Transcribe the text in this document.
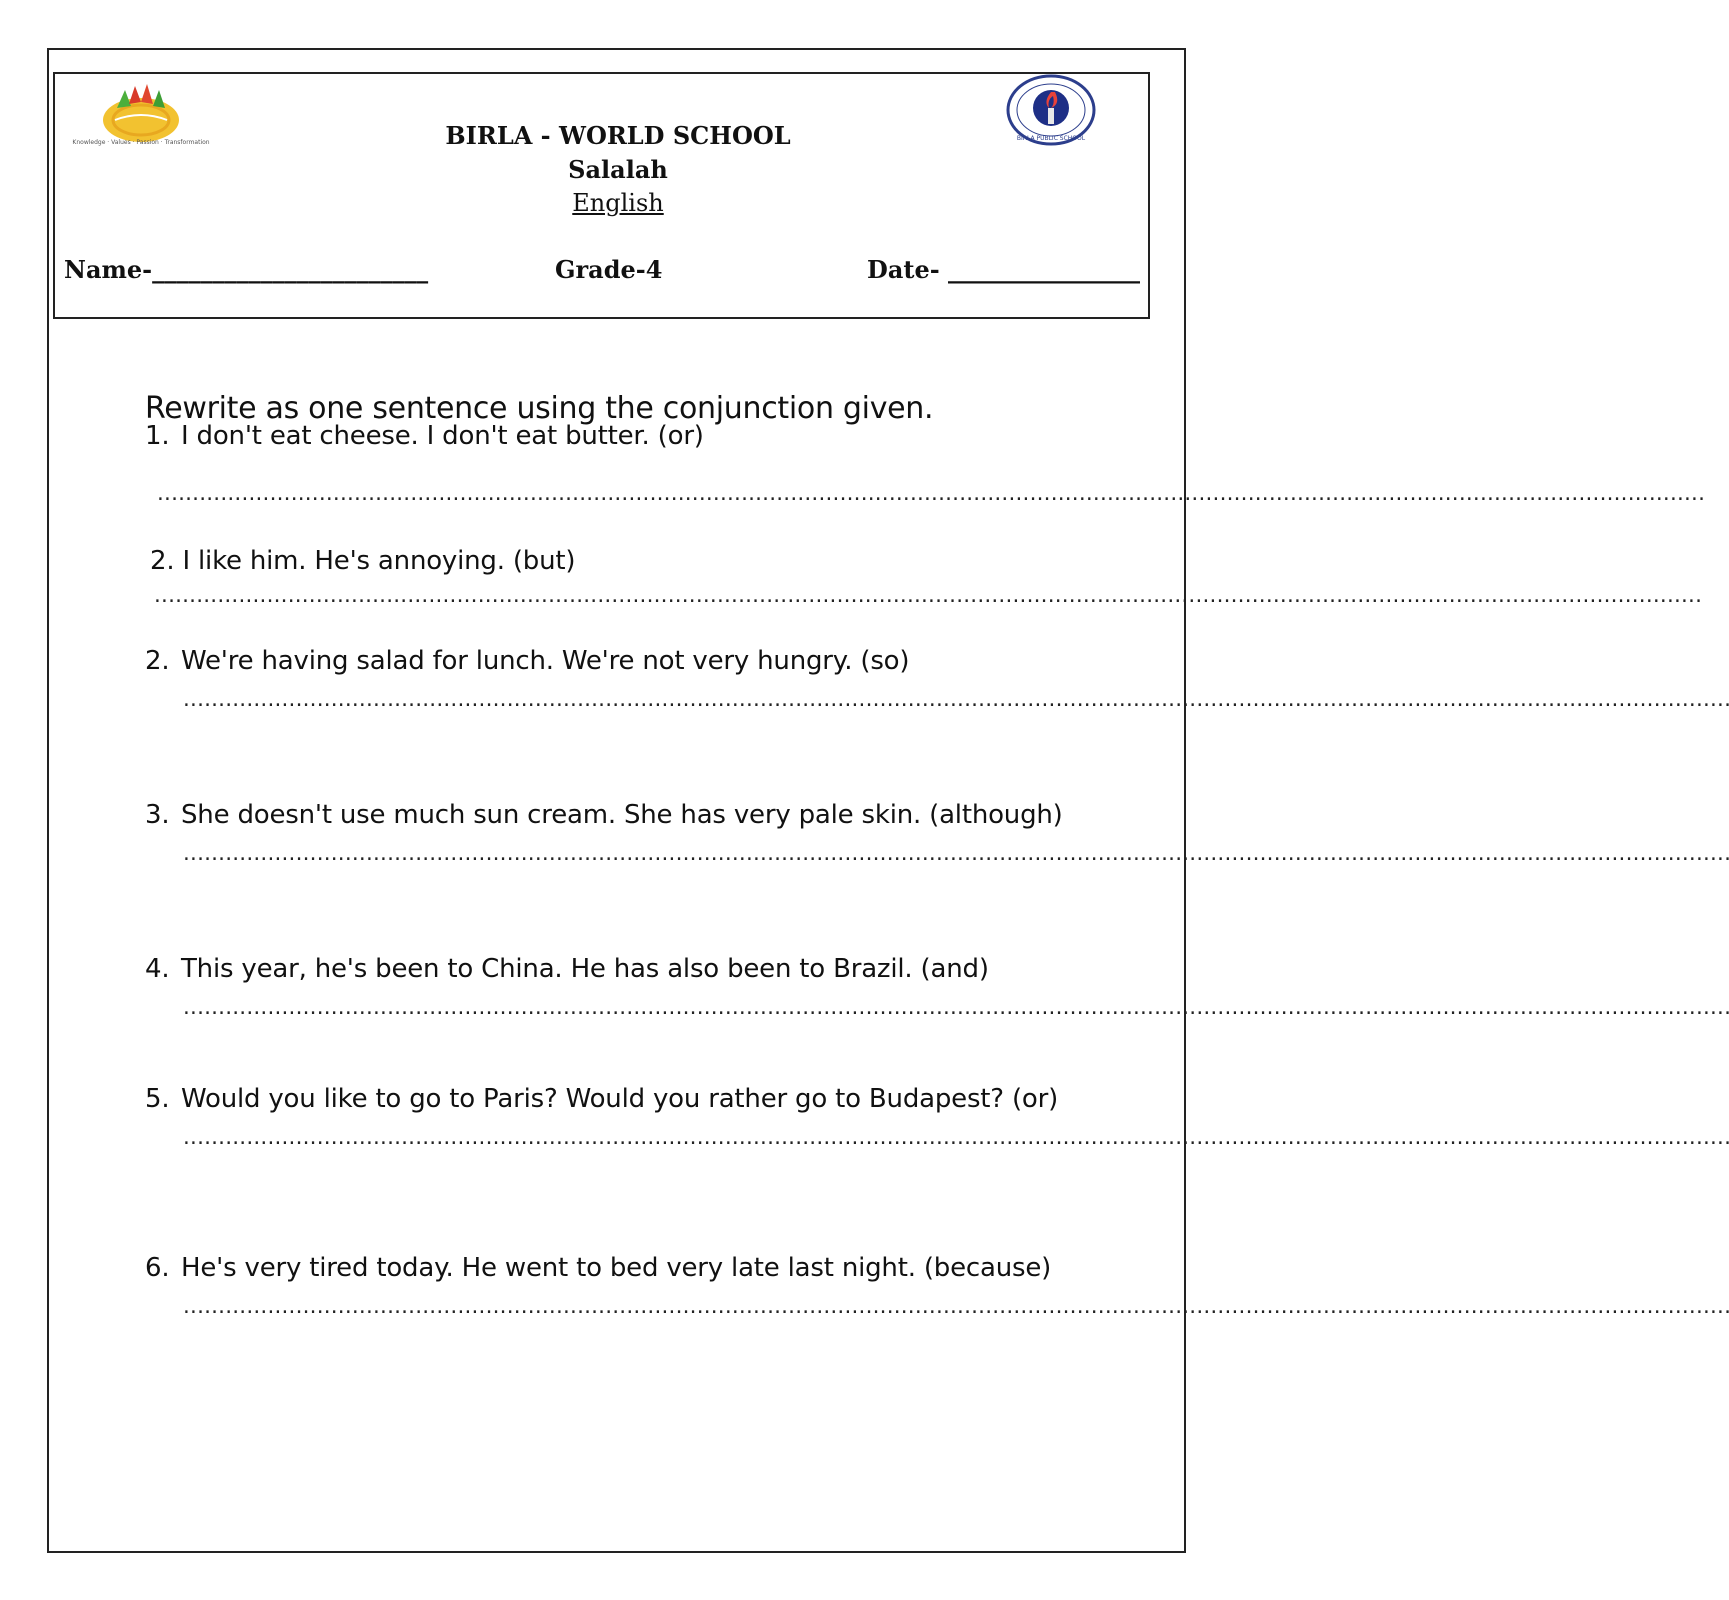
Knowledge · Values · Passion · Transformation
BIRLA PUBLIC SCHOOL
BIRLA - WORLD SCHOOL
Salalah
English
Name-_______________________	Grade-4	Date- ________________
Rewrite as one sentence using the conjunction given.
1. I don't eat cheese. I don't eat butter. (or)
............................................................................................................................................................................................................................
2. I like him. He's annoying. (but)
............................................................................................................................................................................................................................
2. We're having salad for lunch. We're not very hungry. (so)
............................................................................................................................................................................................................................
3. She doesn't use much sun cream. She has very pale skin. (although)
............................................................................................................................................................................................................................
4. This year, he's been to China. He has also been to Brazil. (and)
............................................................................................................................................................................................................................
5. Would you like to go to Paris? Would you rather go to Budapest? (or)
............................................................................................................................................................................................................................
6. He's very tired today. He went to bed very late last night. (because)
............................................................................................................................................................................................................................
